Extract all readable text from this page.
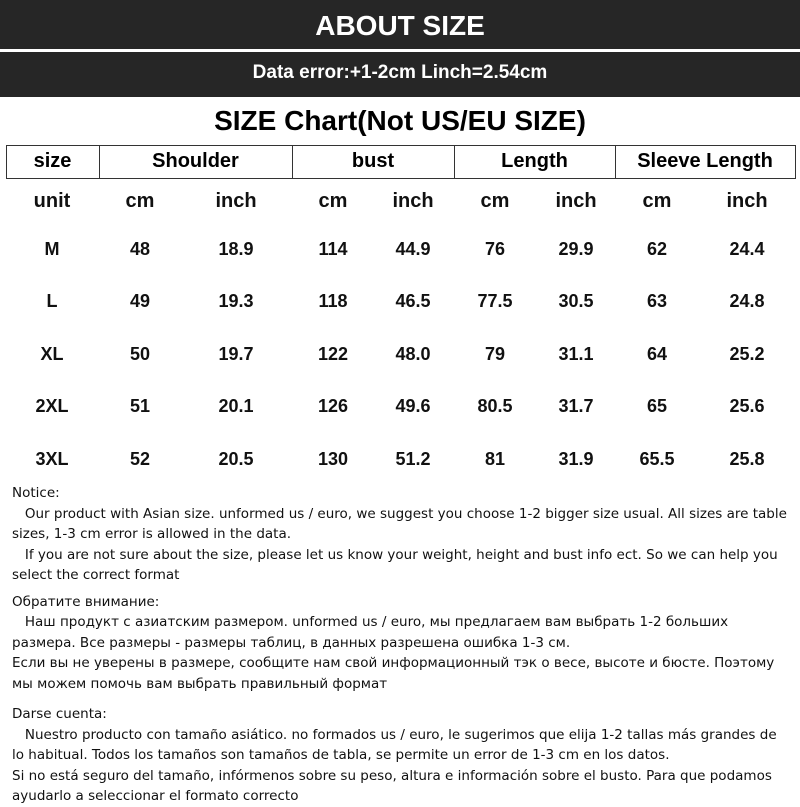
ABOUT SIZE
Data error:+1-2cm Linch=2.54cm
SIZE Chart(Not US/EU SIZE)
size	Shoulder	bust	Length	Sleeve Length
unit	cm	inch	cm	inch	cm	inch	cm	inch
M	48	18.9	114	44.9	76	29.9	62	24.4
L	49	19.3	118	46.5	77.5	30.5	63	24.8
XL	50	19.7	122	48.0	79	31.1	64	25.2
2XL	51	20.1	126	49.6	80.5	31.7	65	25.6
3XL	52	20.5	130	51.2	81	31.9	65.5	25.8
Notice:
Our product with Asian size. unformed us / euro, we suggest you choose 1-2 bigger size usual. All sizes are table sizes, 1-3 cm error is allowed in the data.
If you are not sure about the size, please let us know your weight, height and bust info ect. So we can help you select the correct format
Обратите внимание:
Наш продукт с азиатским размером. unformed us / euro, мы предлагаем вам выбрать 1-2 больших размера. Все размеры - размеры таблиц, в данных разрешена ошибка 1-3 см.
Если вы не уверены в размере, сообщите нам свой информационный тэк о весе, высоте и бюсте. Поэтому мы можем помочь вам выбрать правильный формат
Darse cuenta:
Nuestro producto con tamaño asiático. no formados us / euro, le sugerimos que elija 1-2 tallas más grandes de lo habitual. Todos los tamaños son tamaños de tabla, se permite un error de 1-3 cm en los datos.
Si no está seguro del tamaño, infórmenos sobre su peso, altura e información sobre el busto. Para que podamos ayudarlo a seleccionar el formato correcto
